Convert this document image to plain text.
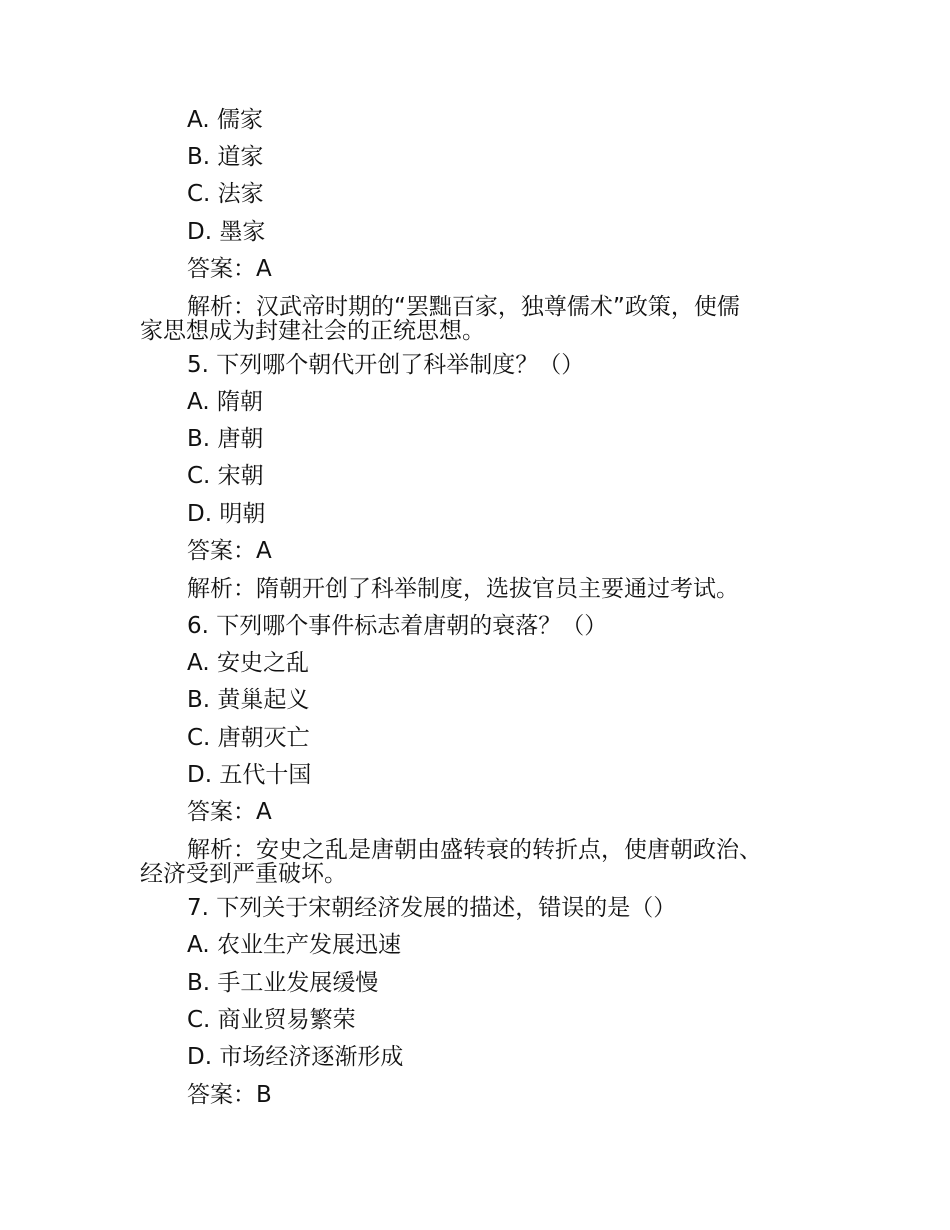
A. 儒家
B. 道家
C. 法家
D. 墨家
答案：A
解析：汉武帝时期的“罢黜百家，独尊儒术”政策，使儒
家思想成为封建社会的正统思想。
5. 下列哪个朝代开创了科举制度？（）
A. 隋朝
B. 唐朝
C. 宋朝
D. 明朝
答案：A
解析：隋朝开创了科举制度，选拔官员主要通过考试。
6. 下列哪个事件标志着唐朝的衰落？（）
A. 安史之乱
B. 黄巢起义
C. 唐朝灭亡
D. 五代十国
答案：A
解析：安史之乱是唐朝由盛转衰的转折点，使唐朝政治、
经济受到严重破坏。
7. 下列关于宋朝经济发展的描述，错误的是（）
A. 农业生产发展迅速
B. 手工业发展缓慢
C. 商业贸易繁荣
D. 市场经济逐渐形成
答案：B
